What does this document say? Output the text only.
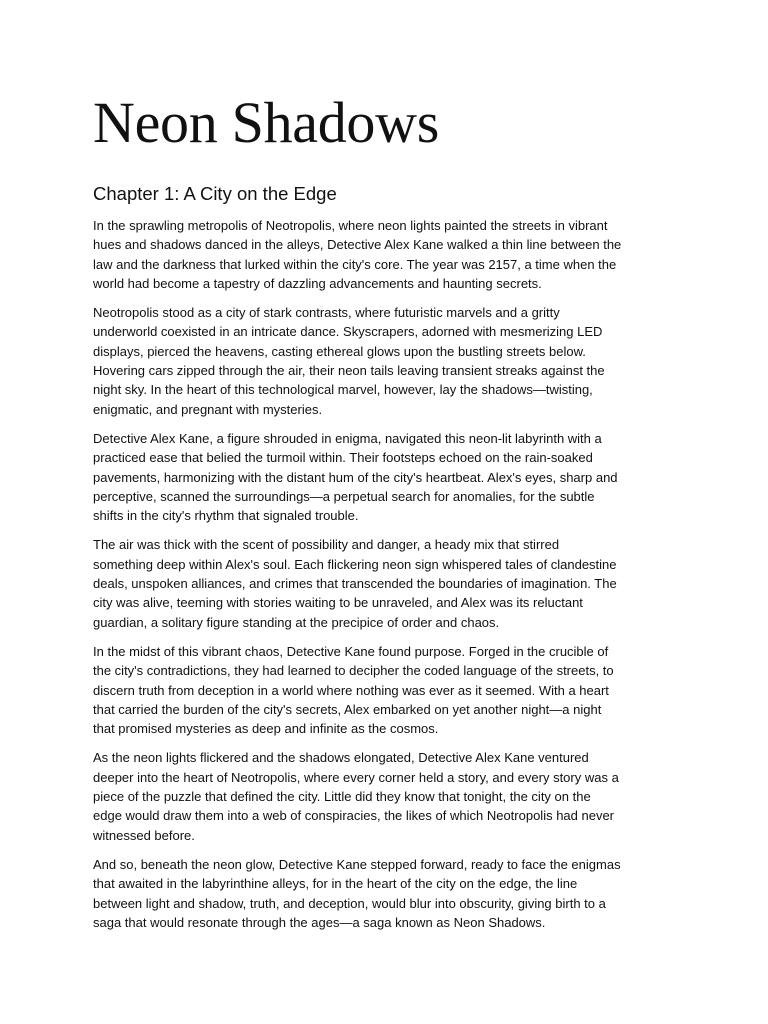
Neon Shadows
Chapter 1: A City on the Edge

In the sprawling metropolis of Neotropolis, where neon lights painted the streets in vibrant
hues and shadows danced in the alleys, Detective Alex Kane walked a thin line between the
law and the darkness that lurked within the city's core. The year was 2157, a time when the
world had become a tapestry of dazzling advancements and haunting secrets.

Neotropolis stood as a city of stark contrasts, where futuristic marvels and a gritty
underworld coexisted in an intricate dance. Skyscrapers, adorned with mesmerizing LED
displays, pierced the heavens, casting ethereal glows upon the bustling streets below.
Hovering cars zipped through the air, their neon tails leaving transient streaks against the
night sky. In the heart of this technological marvel, however, lay the shadows—twisting,
enigmatic, and pregnant with mysteries.

Detective Alex Kane, a figure shrouded in enigma, navigated this neon-lit labyrinth with a
practiced ease that belied the turmoil within. Their footsteps echoed on the rain-soaked
pavements, harmonizing with the distant hum of the city's heartbeat. Alex's eyes, sharp and
perceptive, scanned the surroundings—a perpetual search for anomalies, for the subtle
shifts in the city's rhythm that signaled trouble.

The air was thick with the scent of possibility and danger, a heady mix that stirred
something deep within Alex's soul. Each flickering neon sign whispered tales of clandestine
deals, unspoken alliances, and crimes that transcended the boundaries of imagination. The
city was alive, teeming with stories waiting to be unraveled, and Alex was its reluctant
guardian, a solitary figure standing at the precipice of order and chaos.

In the midst of this vibrant chaos, Detective Kane found purpose. Forged in the crucible of
the city's contradictions, they had learned to decipher the coded language of the streets, to
discern truth from deception in a world where nothing was ever as it seemed. With a heart
that carried the burden of the city's secrets, Alex embarked on yet another night—a night
that promised mysteries as deep and infinite as the cosmos.

As the neon lights flickered and the shadows elongated, Detective Alex Kane ventured
deeper into the heart of Neotropolis, where every corner held a story, and every story was a
piece of the puzzle that defined the city. Little did they know that tonight, the city on the
edge would draw them into a web of conspiracies, the likes of which Neotropolis had never
witnessed before.

And so, beneath the neon glow, Detective Kane stepped forward, ready to face the enigmas
that awaited in the labyrinthine alleys, for in the heart of the city on the edge, the line
between light and shadow, truth, and deception, would blur into obscurity, giving birth to a
saga that would resonate through the ages—a saga known as Neon Shadows.
